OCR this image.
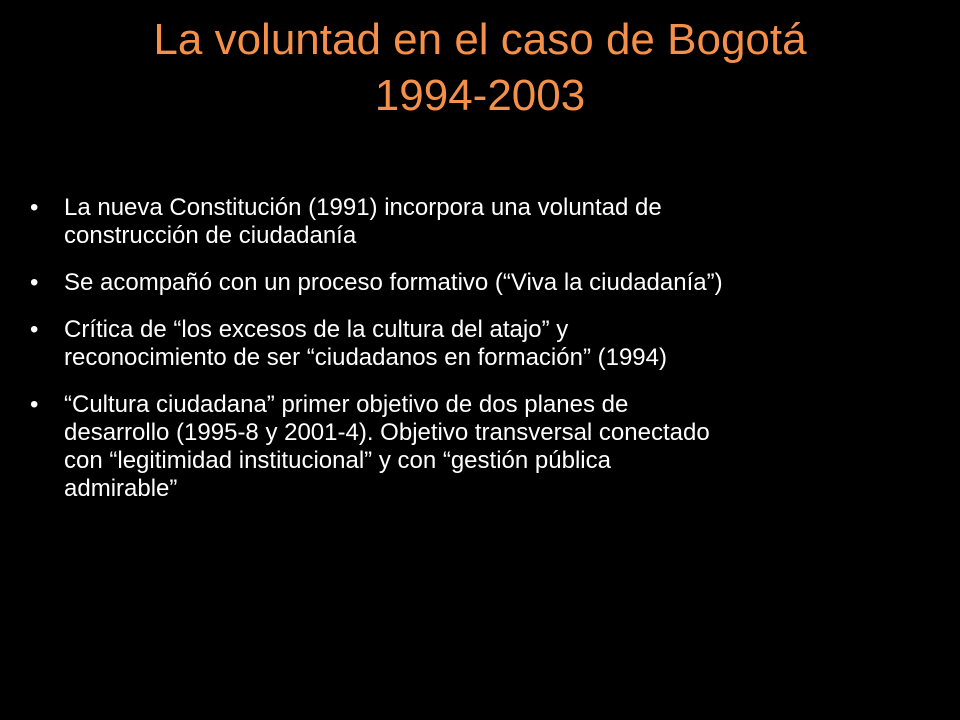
La voluntad en el caso de Bogotá
1994-2003
•	La nueva Constitución (1991) incorpora una voluntad de
construcción de ciudadanía
•	Se acompañó con un proceso formativo (“Viva la ciudadanía”)
•	Crítica de “los excesos de la cultura del atajo” y
reconocimiento de ser “ciudadanos en formación” (1994)
•	“Cultura ciudadana” primer objetivo de dos planes de
desarrollo (1995-8 y 2001-4). Objetivo transversal conectado
con “legitimidad institucional” y con “gestión pública
admirable”
